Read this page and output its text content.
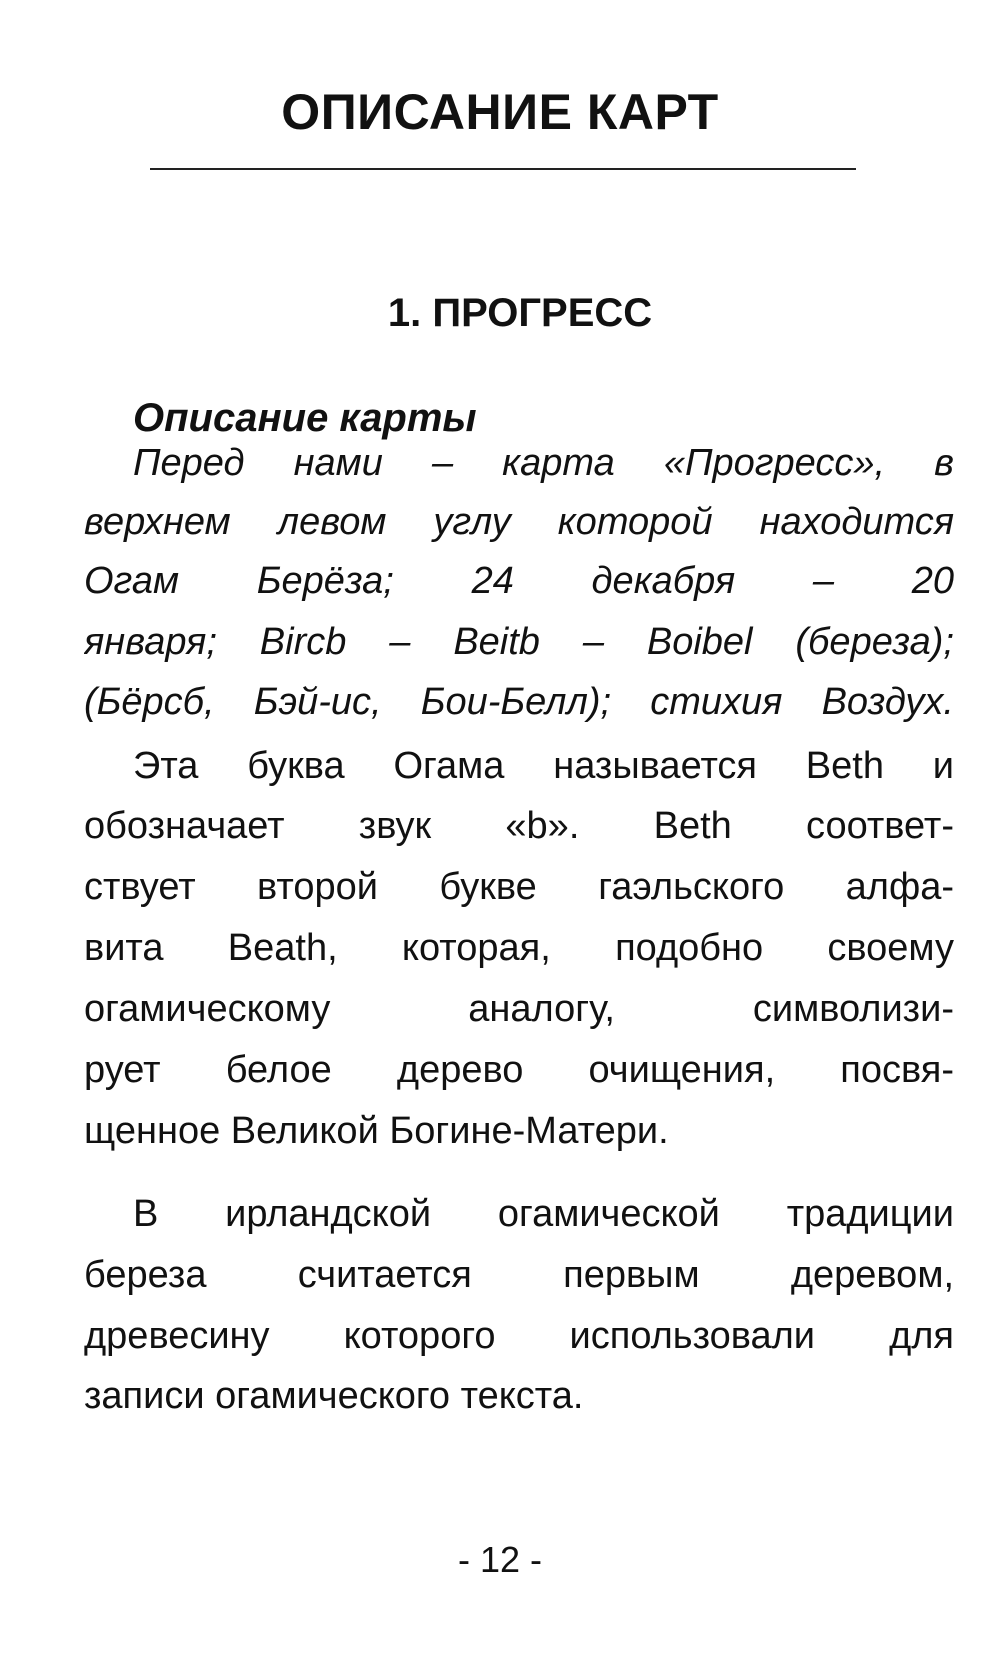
ОПИСАНИЕ КАРТ
1. ПРОГРЕСС
Описание карты
Перед нами – карта «Прогресс», в
верхнем левом углу которой находится
Огам Берёза; 24 декабря – 20
января; Bircb – Beitb – Boibel (береза);
(Бёрсб, Бэй-ис, Бои-Белл); стихия Воздух.
Эта буква Огама называется Beth и
обозначает звук «b». Beth соответ-
ствует второй букве гаэльского алфа-
вита Beath, которая, подобно своему
огамическому аналогу, символизи-
рует белое дерево очищения, посвя-
щенное Великой Богине-Матери.
В ирландской огамической традиции
береза считается первым деревом,
древесину которого использовали для
записи огамического текста.
- 12 -
